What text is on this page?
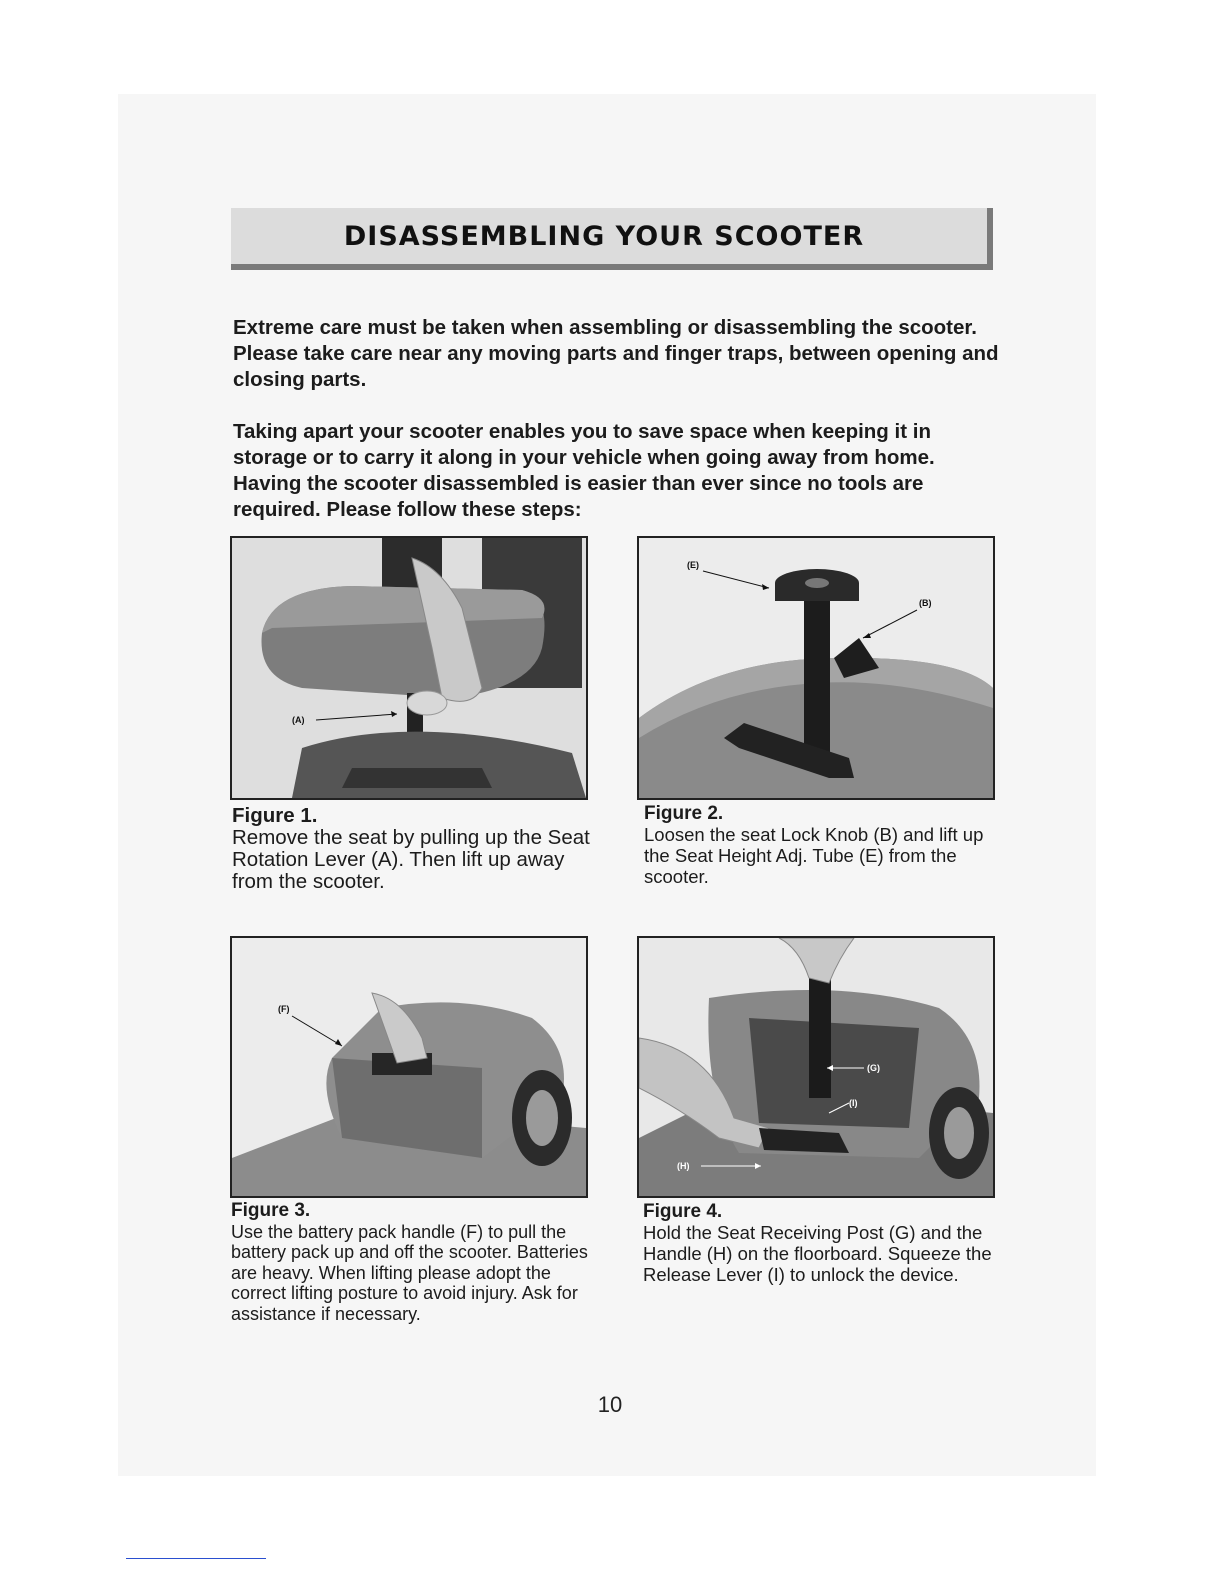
DISASSEMBLING YOUR SCOOTER
Extreme care must be taken when assembling or disassembling the scooter. Please take care near any moving parts and finger traps, between opening and closing parts.
Taking apart your scooter enables you to save space when keeping it in storage or to carry it along in your vehicle when going away from home. Having the scooter disassembled is easier than ever since no tools are required. Please follow these steps:
(A)
Figure 1.
Remove the seat by pulling up the Seat Rotation Lever (A). Then lift up away from the scooter.
(E)
(B)
Figure 2.
Loosen the seat Lock Knob (B) and lift up the Seat Height Adj. Tube (E) from the scooter.
(F)
Figure 3.
Use the battery pack handle (F) to pull the battery pack up and off the scooter. Batteries are heavy. When lifting please adopt the correct lifting posture to avoid injury. Ask for assistance if necessary.
(G)
(I)
(H)
Figure 4.
Hold the Seat Receiving Post (G) and the Handle (H) on the floorboard. Squeeze the Release Lever (I) to unlock the device.
10
